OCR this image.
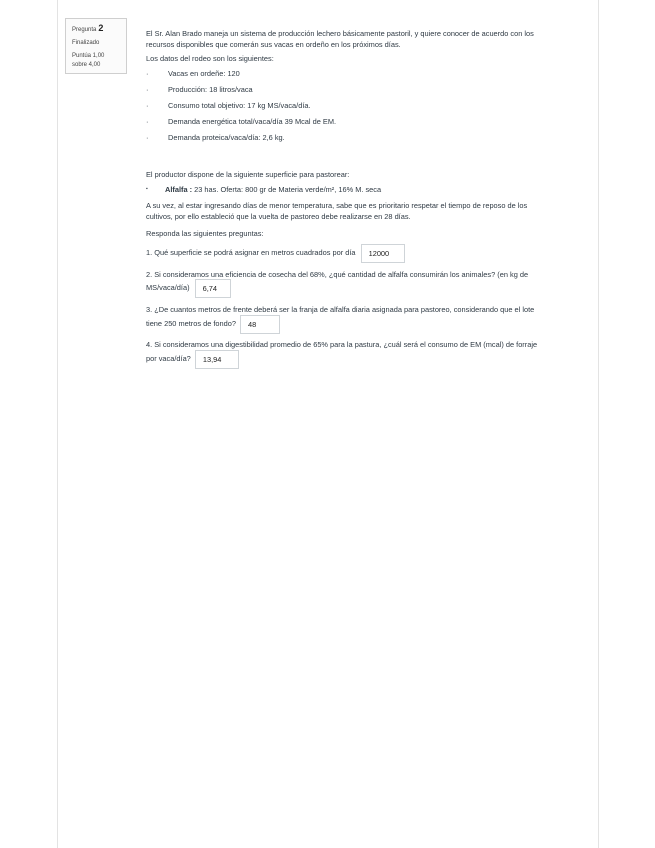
Pregunta 2
Finalizado
Puntúa 1,00
sobre 4,00
El Sr. Alan Brado maneja un sistema de producción lechero básicamente pastoril, y quiere conocer de acuerdo con los
recursos disponibles que comerán sus vacas en ordeño en los próximos días.
Los datos del rodeo son los siguientes:
·	Vacas en ordeñe: 120
·	Producción: 18 litros/vaca
·	Consumo total objetivo: 17 kg MS/vaca/día.
·	Demanda energética total/vaca/día 39 Mcal de EM.
·	Demanda proteica/vaca/día: 2,6 kg.
El productor dispone de la siguiente superficie para pastorear:
▪ Alfalfa : 23 has. Oferta: 800 gr de Materia verde/m², 16% M. seca
A su vez, al estar ingresando días de menor temperatura, sabe que es prioritario respetar el tiempo de reposo de los
cultivos, por ello estableció que la vuelta de pastoreo debe realizarse en 28 días.
Responda las siguientes preguntas:
1. Qué superficie se podrá asignar en metros cuadrados por día 12000
2. Si consideramos una eficiencia de cosecha del 68%, ¿qué cantidad de alfalfa consumirán los animales? (en kg de
MS/vaca/día) 6,74
3. ¿De cuantos metros de frente deberá ser la franja de alfalfa diaria asignada para pastoreo, considerando que el lote
tiene 250 metros de fondo? 48
4. Si consideramos una digestibilidad promedio de 65% para la pastura, ¿cuál será el consumo de EM (mcal) de forraje
por vaca/día? 13,94
